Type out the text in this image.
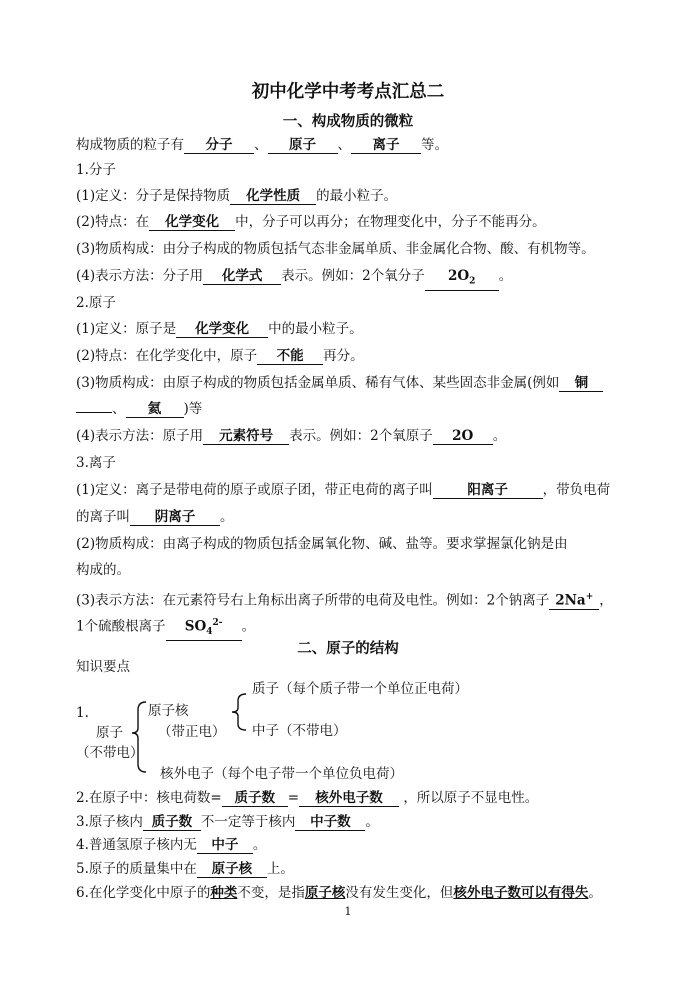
初中化学中考考点汇总二
一、构成物质的微粒
构成物质的粒子有 分子 、 原子 、 离子 等。
1.分子
(1)定义：分子是保持物质 化学性质 的最小粒子。
(2)特点：在 化学变化 中，分子可以再分；在物理变化中，分子不能再分。
(3)物质构成：由分子构成的物质包括气态非金属单质、非金属化合物、酸、有机物等。
(4)表示方法：分子用 化学式 表示。例如：2个氧分子 $2O_2$ 。
2.原子
(1)定义：原子是 化学变化 中的最小粒子。
(2)特点：在化学变化中，原子 不能 再分。
(3)物质构成：由原子构成的物质包括金属单质、稀有气体、某些固态非金属(例如 铜
、 氦 )等
(4)表示方法：原子用 元素符号 表示。例如：2个氧原子 2O 。
3.离子
(1)定义：离子是带电荷的原子或原子团，带正电荷的离子叫	阳离子	，带负电荷
的离子叫 阴离子 。
(2)物质构成：由离子构成的物质包括金属氧化物、碱、盐等。要求掌握氯化钠是由
构成的。
(3)表示方法：在元素符号右上角标出离子所带的电荷及电性。例如：2个钠离子 2Na+ ，
1个硫酸根离子 $SO_4^{2-}$ 。
二、原子的结构
知识要点
1.
原子
（不带电）
原子核
（带正电）
质子（每个质子带一个单位正电荷）
中子（不带电）
核外电子（每个电子带一个单位负电荷）
2.在原子中：核电荷数= 质子数 = 核外电子数 ，所以原子不显电性。
3.原子核内 质子数 不一定等于核内 中子数 。
4.普通氢原子核内无 中子 。
5.原子的质量集中在 原子核 上。
6.在化学变化中原子的种类不变，是指原子核没有发生变化，但核外电子数可以有得失。
1
